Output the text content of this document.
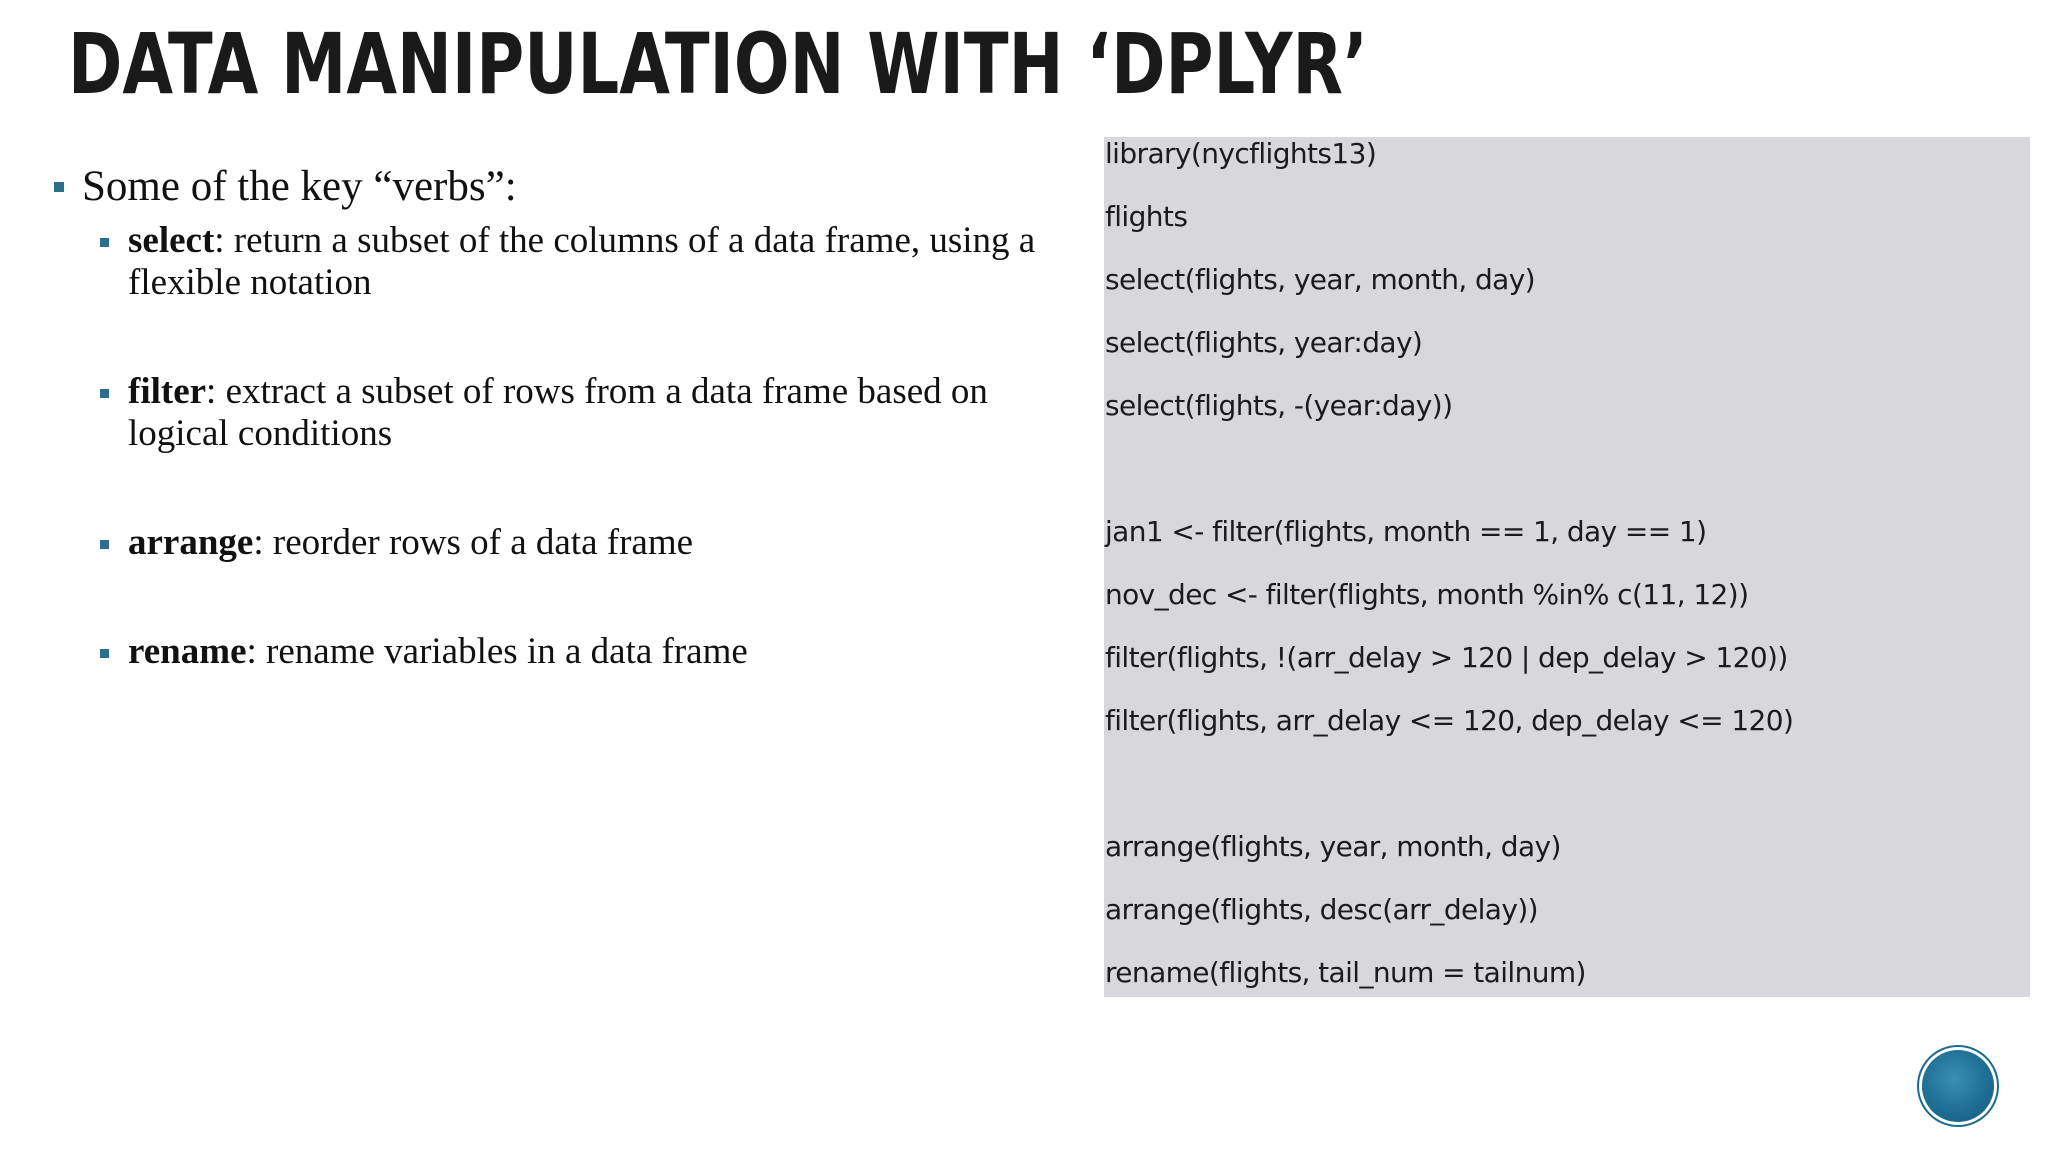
DATA MANIPULATION WITH ‘DPLYR’
Some of the key “verbs”:
select: return a subset of the columns of a data frame, using a flexible notation
filter: extract a subset of rows from a data frame based on logical conditions
arrange: reorder rows of a data frame
rename: rename variables in a data frame
library(nycflights13)
flights
select(flights, year, month, day)
select(flights, year:day)
select(flights, -(year:day))
jan1 <- filter(flights, month == 1, day == 1)
nov_dec <- filter(flights, month %in% c(11, 12))
filter(flights, !(arr_delay > 120 | dep_delay > 120))
filter(flights, arr_delay <= 120, dep_delay <= 120)
arrange(flights, year, month, day)
arrange(flights, desc(arr_delay))
rename(flights, tail_num = tailnum)
